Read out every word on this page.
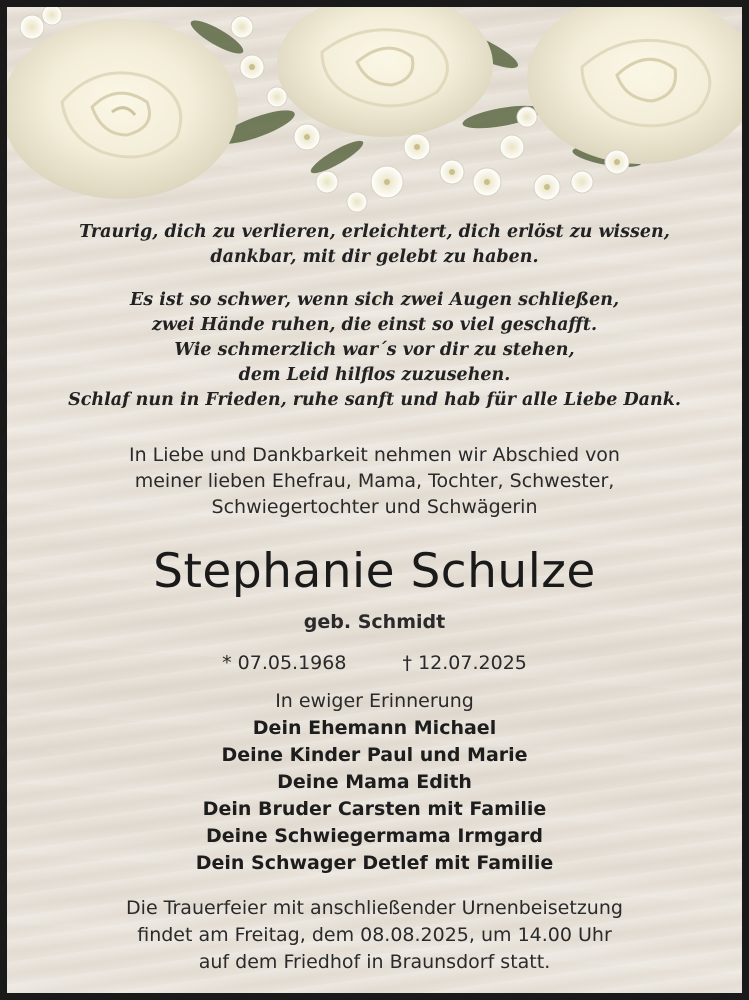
Traurig, dich zu verlieren, erleichtert, dich erlöst zu wissen,
dankbar, mit dir gelebt zu haben.
Es ist so schwer, wenn sich zwei Augen schließen,
zwei Hände ruhen, die einst so viel geschafft.
Wie schmerzlich war´s vor dir zu stehen,
dem Leid hilflos zuzusehen.
Schlaf nun in Frieden, ruhe sanft und hab für alle Liebe Dank.
In Liebe und Dankbarkeit nehmen wir Abschied von
meiner lieben Ehefrau, Mama, Tochter, Schwester,
Schwiegertochter und Schwägerin
Stephanie Schulze
geb. Schmidt
* 07.05.1968	† 12.07.2025
In ewiger Erinnerung
Dein Ehemann Michael
Deine Kinder Paul und Marie
Deine Mama Edith
Dein Bruder Carsten mit Familie
Deine Schwiegermama Irmgard
Dein Schwager Detlef mit Familie
Die Trauerfeier mit anschließender Urnenbeisetzung
findet am Freitag, dem 08.08.2025, um 14.00 Uhr
auf dem Friedhof in Braunsdorf statt.
